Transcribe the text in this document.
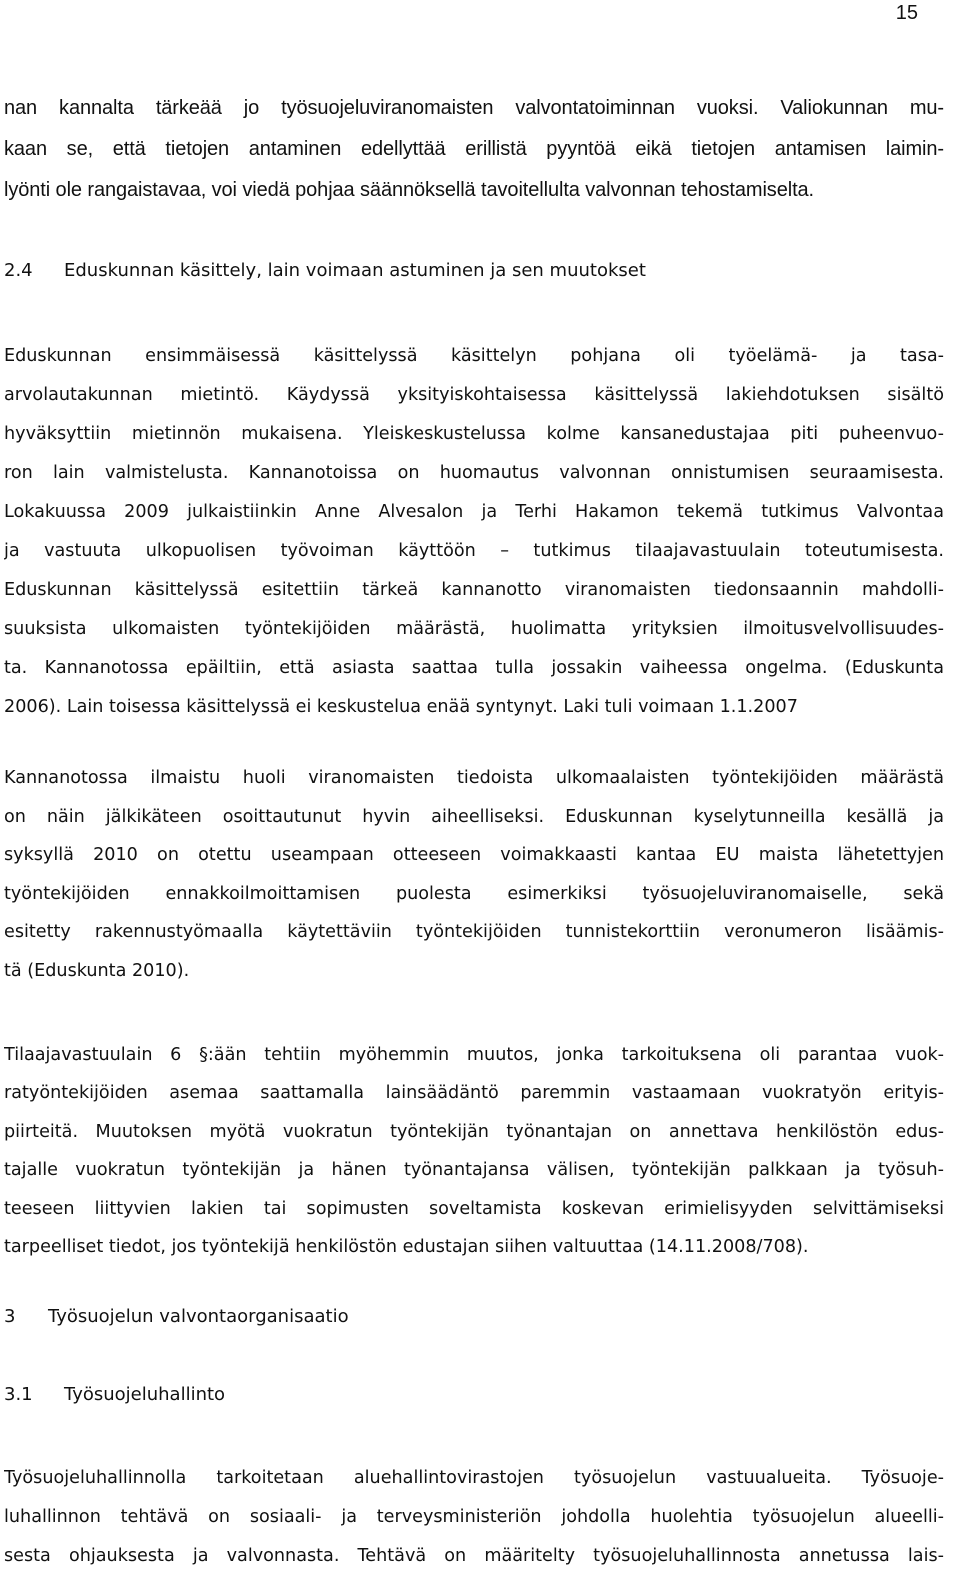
15
nan kannalta tärkeää jo työsuojeluviranomaisten valvontatoiminnan vuoksi. Valiokunnan mu-
kaan se, että tietojen antaminen edellyttää erillistä pyyntöä eikä tietojen antamisen laimin-
lyönti ole rangaistavaa, voi viedä pohjaa säännöksellä tavoitellulta valvonnan tehostamiselta.
2.4 Eduskunnan käsittely, lain voimaan astuminen ja sen muutokset
Eduskunnan ensimmäisessä käsittelyssä käsittelyn pohjana oli työelämä- ja tasa-
arvolautakunnan mietintö. Käydyssä yksityiskohtaisessa käsittelyssä lakiehdotuksen sisältö
hyväksyttiin mietinnön mukaisena. Yleiskeskustelussa kolme kansanedustajaa piti puheenvuo-
ron lain valmistelusta. Kannanotoissa on huomautus valvonnan onnistumisen seuraamisesta.
Lokakuussa 2009 julkaistiinkin Anne Alvesalon ja Terhi Hakamon tekemä tutkimus Valvontaa
ja vastuuta ulkopuolisen työvoiman käyttöön – tutkimus tilaajavastuulain toteutumisesta.
Eduskunnan käsittelyssä esitettiin tärkeä kannanotto viranomaisten tiedonsaannin mahdolli-
suuksista ulkomaisten työntekijöiden määrästä, huolimatta yrityksien ilmoitusvelvollisuudes-
ta. Kannanotossa epäiltiin, että asiasta saattaa tulla jossakin vaiheessa ongelma. (Eduskunta
2006). Lain toisessa käsittelyssä ei keskustelua enää syntynyt. Laki tuli voimaan 1.1.2007
Kannanotossa ilmaistu huoli viranomaisten tiedoista ulkomaalaisten työntekijöiden määrästä
on näin jälkikäteen osoittautunut hyvin aiheelliseksi. Eduskunnan kyselytunneilla kesällä ja
syksyllä 2010 on otettu useampaan otteeseen voimakkaasti kantaa EU maista lähetettyjen
työntekijöiden ennakkoilmoittamisen puolesta esimerkiksi työsuojeluviranomaiselle, sekä
esitetty rakennustyömaalla käytettäviin työntekijöiden tunnistekorttiin veronumeron lisäämis-
tä (Eduskunta 2010).
Tilaajavastuulain 6 §:ään tehtiin myöhemmin muutos, jonka tarkoituksena oli parantaa vuok-
ratyöntekijöiden asemaa saattamalla lainsäädäntö paremmin vastaamaan vuokratyön erityis-
piirteitä. Muutoksen myötä vuokratun työntekijän työnantajan on annettava henkilöstön edus-
tajalle vuokratun työntekijän ja hänen työnantajansa välisen, työntekijän palkkaan ja työsuh-
teeseen liittyvien lakien tai sopimusten soveltamista koskevan erimielisyyden selvittämiseksi
tarpeelliset tiedot, jos työntekijä henkilöstön edustajan siihen valtuuttaa (14.11.2008/708).
3 Työsuojelun valvontaorganisaatio
3.1 Työsuojeluhallinto
Työsuojeluhallinnolla tarkoitetaan aluehallintovirastojen työsuojelun vastuualueita. Työsuoje-
luhallinnon tehtävä on sosiaali- ja terveysministeriön johdolla huolehtia työsuojelun alueelli-
sesta ohjauksesta ja valvonnasta. Tehtävä on määritelty työsuojeluhallinnosta annetussa lais-
